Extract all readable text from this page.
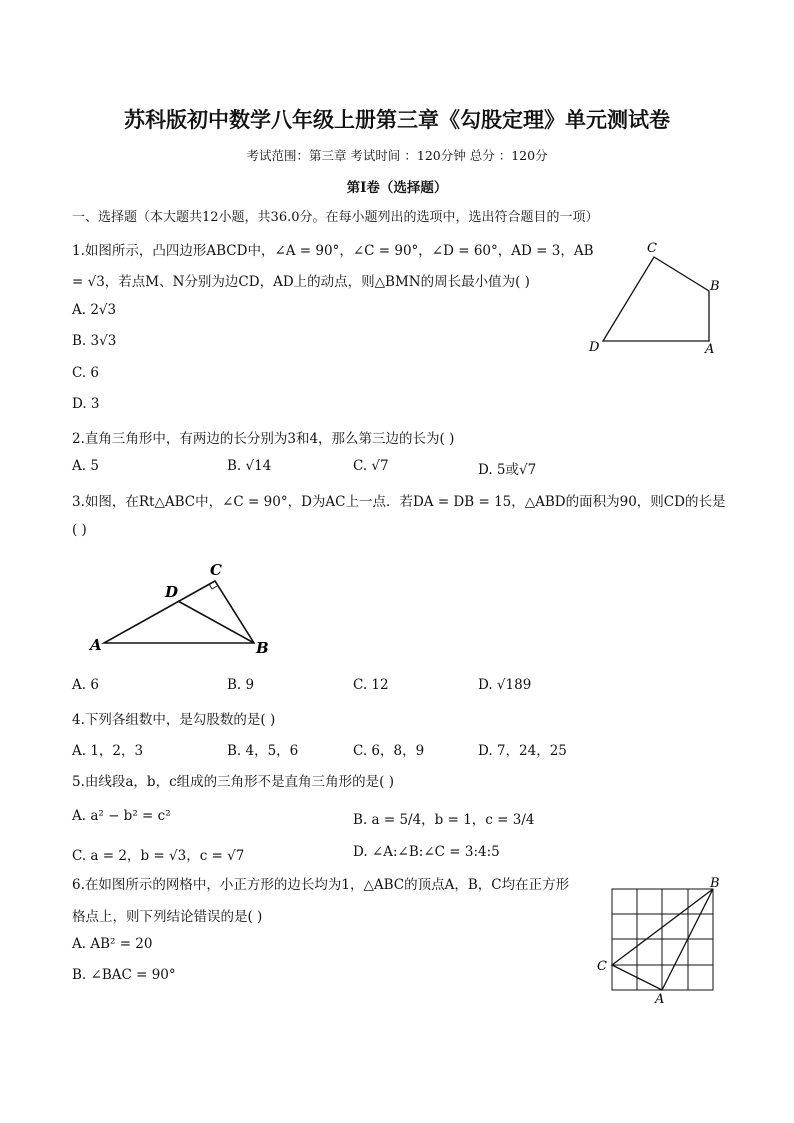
苏科版初中数学八年级上册第三章《勾股定理》单元测试卷
考试范围：第三章 考试时间 ：120分钟 总分 ：120分
第I卷（选择题）
一、选择题（本大题共12小题，共36.0分。在每小题列出的选项中，选出符合题目的一项）
1.如图所示，凸四边形ABCD中，∠A = 90°，∠C = 90°，∠D = 60°，AD = 3，AB
= √3，若点M、N分别为边CD，AD上的动点，则△BMN的周长最小值为( )
A. 2√3
B. 3√3
C. 6
D. 3
C
B
D	A
2.直角三角形中，有两边的长分别为3和4，那么第三边的长为( )
A. 5	B. √14	C. √7	D. 5或√7
3.如图，在Rt△ABC中，∠C = 90°，D为AC上一点．若DA = DB = 15，△ABD的面积为90，则CD的长是
( )
A	B
C
D
A. 6	B. 9	C. 12	D. √189
4.下列各组数中，是勾股数的是( )
A. 1，2，3	B. 4，5，6	C. 6，8，9	D. 7，24，25
5.由线段a，b，c组成的三角形不是直角三角形的是( )
A. a² − b² = c²	B. a = 5/4，b = 1，c = 3/4
C. a = 2，b = √3，c = √7	D. ∠A:∠B:∠C = 3:4:5
6.在如图所示的网格中，小正方形的边长均为1，△ABC的顶点A，B，C均在正方形
格点上，则下列结论错误的是( )
A. AB² = 20
B. ∠BAC = 90°
B
C
A
